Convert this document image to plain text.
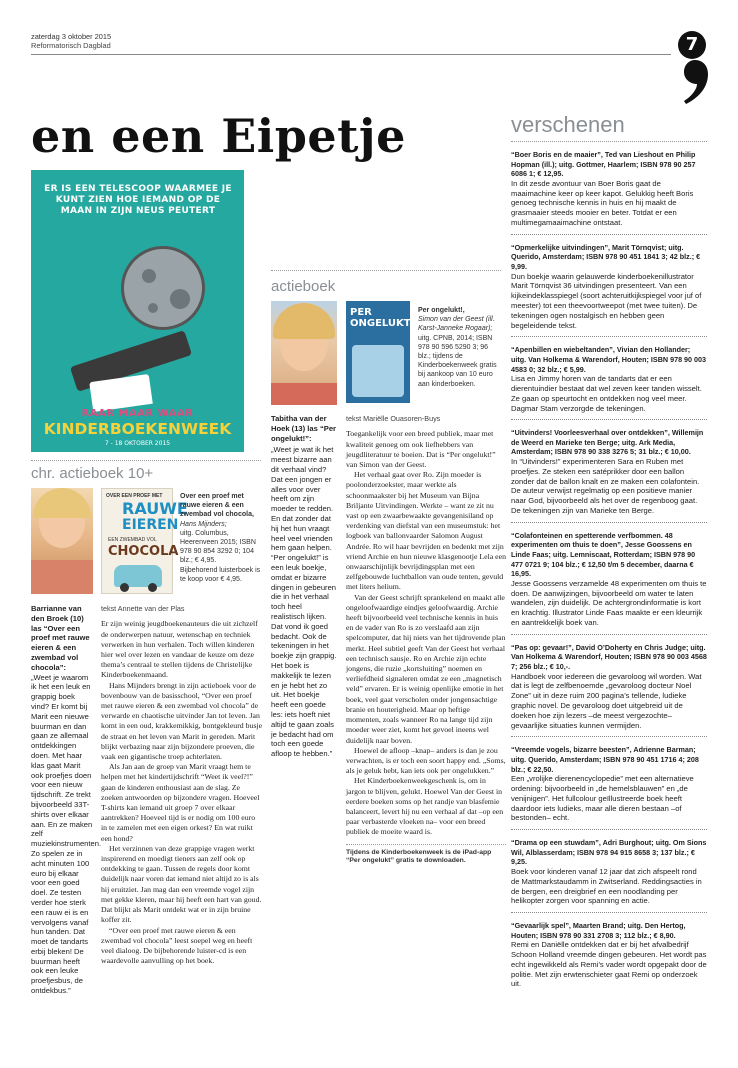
zaterdag 3 oktober 2015
Reformatorisch Dagblad	7
en een Eipetje
ER IS EEN TELESCOOP WAARMEE JE KUNT ZIEN HOE IEMAND OP DE MAAN IN ZIJN NEUS PEUTERT
RAAR MAAR WAAR
KINDERBOEKENWEEK
7 - 18 OKTOBER 2015
chr. actieboek 10+
OVER EEN PROEF MET
RAUWE
EIEREN
EEN ZWEMBAD VOL
CHOCOLA
Over een proef met rauwe eieren & een zwembad vol chocola,
Hans Mijnders;
uitg. Columbus, Heerenveen 2015; ISBN 978 90 854 3292 0; 104 blz.; € 4,95.
Bijbehorend luisterboek is te koop voor € 4,95.
Barrianne van den Broek (10) las “Over een proef met rauwe eieren & een zwembad vol chocola”:
„Weet je waarom ik het een leuk en grappig boek vind? Er komt bij Marit een nieuwe buurman en dan gaan ze allemaal ontdekkingen doen. Met haar klas gaat Marit ook proefjes doen voor een nieuw tijdschrift. Ze trekt bijvoorbeeld 33T-shirts over elkaar aan. En ze maken zelf muziekinstrumenten. Zo spelen ze in acht minuten 100 euro bij elkaar voor een goed doel. Ze testen verder hoe sterk een rauw ei is en vervolgens vanaf hun tanden. Dat moet de tandarts erbij bleken! De buurman heeft ook een leuke proefjesbus, de ontdekbus.”
tekst Annette van der Plas

Er zijn weinig jeugdboekenauteurs die uit zichzelf de onderwerpen natuur, wetenschap en techniek verwerken in hun verhalen. Toch willen kinderen hier wel over lezen en vandaar de keuze om deze thema’s centraal te stellen tijdens de Christelijke Kinderboekenmaand.

Hans Mijnders brengt in zijn actieboek voor de bovenbouw van de basisschool, “Over een proef met rauwe eieren & een zwembad vol chocola” de verwarde en chaotische uitvinder Jan tot leven. Jan komt in een oud, krakkemikkig, bontgekleurd busje de straat en het leven van Marit in gereden. Marit blijkt verbazing naar zijn bijzondere proeven, die vaak een gigantische troep achterlaten.

Als Jan aan de groep van Marit vraagt hem te helpen met het kindertijdschrift “Weet ik veel?!” gaan de kinderen enthousiast aan de slag. Ze zoeken antwoorden op bijzondere vragen. Hoeveel T-shirts kan iemand uit groep 7 over elkaar aantrekken? Hoeveel tijd is er nodig om 100 euro in te zamelen met een eigen orkest? En wat ruikt een hond?

Het verzinnen van deze grappige vragen werkt inspirerend en moedigt tieners aan zelf ook op ontdekking te gaan. Tussen de regels door komt duidelijk naar voren dat iemand niet altijd zo is als hij eruitziet. Jan mag dan een vreemde vogel zijn met gekke kleren, maar hij heeft een hart van goud. Dat blijkt als Marit ontdekt wat er in zijn bruine koffer zit.

“Over een proef met rauwe eieren & een zwembad vol chocola” leest soepel weg en heeft veel dialoog. De bijbehorende luister-cd is een waardevolle aanvulling op het boek.

actieboek
PER ONGELUKT!
Per ongelukt!,
Simon van der Geest (ill. Karst-Janneke Rogaar);
uitg. CPNB, 2014; ISBN 978 90 596 5290 3; 96 blz.; tijdens de Kinderboekenweek gratis bij aankoop van 10 euro aan kinderboeken.
Tabitha van der Hoek (13) las “Per ongelukt!”:
„Weet je wat ik het meest bizarre aan dit verhaal vind? Dat een jongen er alles voor over heeft om zijn moeder te redden. En dat zonder dat hij het hun vraagt heel veel vrienden hem gaan helpen. “Per ongelukt!” is een leuk boekje, omdat er bizarre dingen in gebeuren die in het verhaal toch heel realistisch lijken. Dat vond ik goed bedacht. Ook de tekeningen in het boekje zijn grappig. Het boek is makkelijk te lezen en je hebt het zo uit. Het boekje heeft een goede les: iets hoeft niet altijd te gaan zoals je bedacht had om toch een goede afloop te hebben.”
tekst Mariëlle Ouasoren-Buys

Toegankelijk voor een breed publiek, maar met kwaliteit genoeg om ook liefhebbers van jeugdliteratuur te boeien. Dat is “Per ongelukt!” van Simon van der Geest.

Het verhaal gaat over Ro. Zijn moeder is poolonderzoekster, maar werkte als schoonmaakster bij het Museum van Bijna Briljante Uitvindingen. Werkte – want ze zit nu vast op een zwaarbewaakte gevangenisiland op verdenking van diefstal van een museumstuk: het logboek van ballonvaarder Salomon August Andrée. Ro wil haar bevrijden en bedenkt met zijn vriend Archie en hun nieuwe klasgenootje Lela een onwaarschijnlijk bevrijdingsplan met een zelfgebouwde luchtballon van oude tenten, gevuld met liters helium.

Van der Geest schrijft sprankelend en maakt alle ongeloofwaardige eindjes geloofwaardig. Archie heeft bijvoorbeeld veel technische kennis in huis en de vader van Ro is zo verslaafd aan zijn spelcomputer, dat hij niets van het tijdrovende plan merkt. Heel subtiel geeft Van der Geest het verhaal een technisch sausje. Ro en Archie zijn echte jongens, die ruzie „kortsluiting” noemen en verliefdheid signaleren omdat ze een „magnetisch veld” ervaren. Er is weinig openlijke emotie in het boek, veel gaat verscholen onder jongensachtige branie en houterigheid. Maar op heftige momenten, zoals wanneer Ro na lange tijd zijn moeder weer ziet, komt het gevoel ineens wel duidelijk naar boven.

Hoewel de afloop –knap– anders is dan je zou verwachten, is er toch een soort happy end. „Soms, als je geluk hebt, kan iets ook per ongelukken.”

Het Kinderboekenweekgeschenk is, om in jargon te blijven, gelukt. Hoewel Van der Geest in eerdere boeken soms op het randje van blasfemie balanceert, levert hij nu een verhaal af dat –op een paar verbasterde vloeken na– voor een breed publiek de moeite waard is.

Tijdens de Kinderboekenweek is de iPad-app “Per ongelukt” gratis te downloaden.
verschenen
“Boer Boris en de maaier”, Ted van Lieshout en Philip Hopman (ill.); uitg. Gottmer, Haarlem; ISBN 978 90 257 6086 1; € 12,95.
In dit zesde avontuur van Boer Boris gaat de maaimachine keer op keer kapot. Gelukkig heeft Boris genoeg technische kennis in huis en hij maakt de grasmaaier steeds mooier en beter. Totdat er een multimegamaaimachine ontstaat.
“Opmerkelijke uitvindingen”, Marit Törnqvist; uitg. Querido, Amsterdam; ISBN 978 90 451 1841 3; 42 blz.; € 9,99.
Dun boekje waarin gelauwerde kinderboekenillustrator Marit Törnqvist 36 uitvindingen presenteert. Van een kijkeindeklasspiegel (soort achteruitkijkspiegel voor juf of meester) tot een theevoortweepot (met twee tuiten). De tekeningen ogen nostalgisch en hebben geen begeleidende tekst.
“Apenbillen en wiebeltanden”, Vivian den Hollander; uitg. Van Holkema & Warendorf, Houten; ISBN 978 90 003 4583 0; 32 blz.; € 5,99.
Lisa en Jimmy horen van de tandarts dat er een dierentuindier bestaat dat wel zeven keer tanden wisselt. Ze gaan op speurtocht en ontdekken nog veel meer. Dagmar Stam verzorgde de tekeningen.
“Uitvinders! Voorleesverhaal over ontdekken”, Willemijn de Weerd en Marieke ten Berge; uitg. Ark Media, Amsterdam; ISBN 978 90 338 3276 5; 31 blz.; € 10,00.
In “Uitvinders!” experimenteren Sara en Ruben met proefjes. Ze steken een satéprikker door een ballon zonder dat de ballon knalt en ze maken een colafontein. De auteur verwijst regelmatig op een positieve manier naar God, bijvoorbeeld als het over de regenboog gaat. De tekeningen zijn van Marieke ten Berge.
“Colafonteinen en spetterende verfbommen. 48 experimenten om thuis te doen”, Jesse Goossens en Linde Faas; uitg. Lemniscaat, Rotterdam; ISBN 978 90 477 0721 9; 104 blz.; € 12,50 t/m 5 december, daarna € 16,95.
Jesse Goossens verzamelde 48 experimenten om thuis te doen. De aanwijzingen, bijvoorbeeld om water te laten wandelen, zijn duidelijk. De achtergrondinformatie is kort en krachtig. Illustrator Linde Faas maakte er een kleurrijk en aantrekkelijk boek van.
“Pas op: gevaar!”, David O’Doherty en Chris Judge; uitg. Van Holkema & Warendorf, Houten; ISBN 978 90 003 4568 7; 256 blz.; € 10,-.
Handboek voor iedereen die gevaroloog wil worden. Wat dat is legt de zelfbenoemde „gevaroloog docteur Noel Zone” uit in deze ruim 200 pagina’s tellende, ludieke graphic novel. De gevaroloog doet uitgebreid uit de doeken hoe zijn lezers –de meest vergezochte– gevaarlijke situaties kunnen vermijden.
“Vreemde vogels, bizarre beesten”, Adrienne Barman; uitg. Querido, Amsterdam; ISBN 978 90 451 1716 4; 208 blz.; € 22,50.
Een „vrolijke dierenencyclopedie” met een alternatieve ordening: bijvoorbeeld in „de hemelsblauwen” en „de venijnigen”. Het fullcolour geïllustreerde boek heeft daardoor iets ludieks, maar alle dieren bestaan –of bestonden– echt.
“Drama op een stuwdam”, Adri Burghout; uitg. Om Sions Wil, Alblasserdam; ISBN 978 94 915 8658 3; 137 blz.; € 9,25.
Boek voor kinderen vanaf 12 jaar dat zich afspeelt rond de Mattmarkstaudamm in Zwitserland. Reddingsacties in de bergen, een dreigbrief en een noodlanding per helikopter zorgen voor spanning en actie.
“Gevaarlijk spel”, Maarten Brand; uitg. Den Hertog, Houten; ISBN 978 90 331 2708 3; 112 blz.; € 8,90.
Remi en Daniëlle ontdekken dat er bij het afvalbedrijf Schoon Holland vreemde dingen gebeuren. Het wordt pas echt ingewikkeld als Remi’s vader wordt opgepakt door de politie. Met zijn erwtenschieter gaat Remi op onderzoek uit.
